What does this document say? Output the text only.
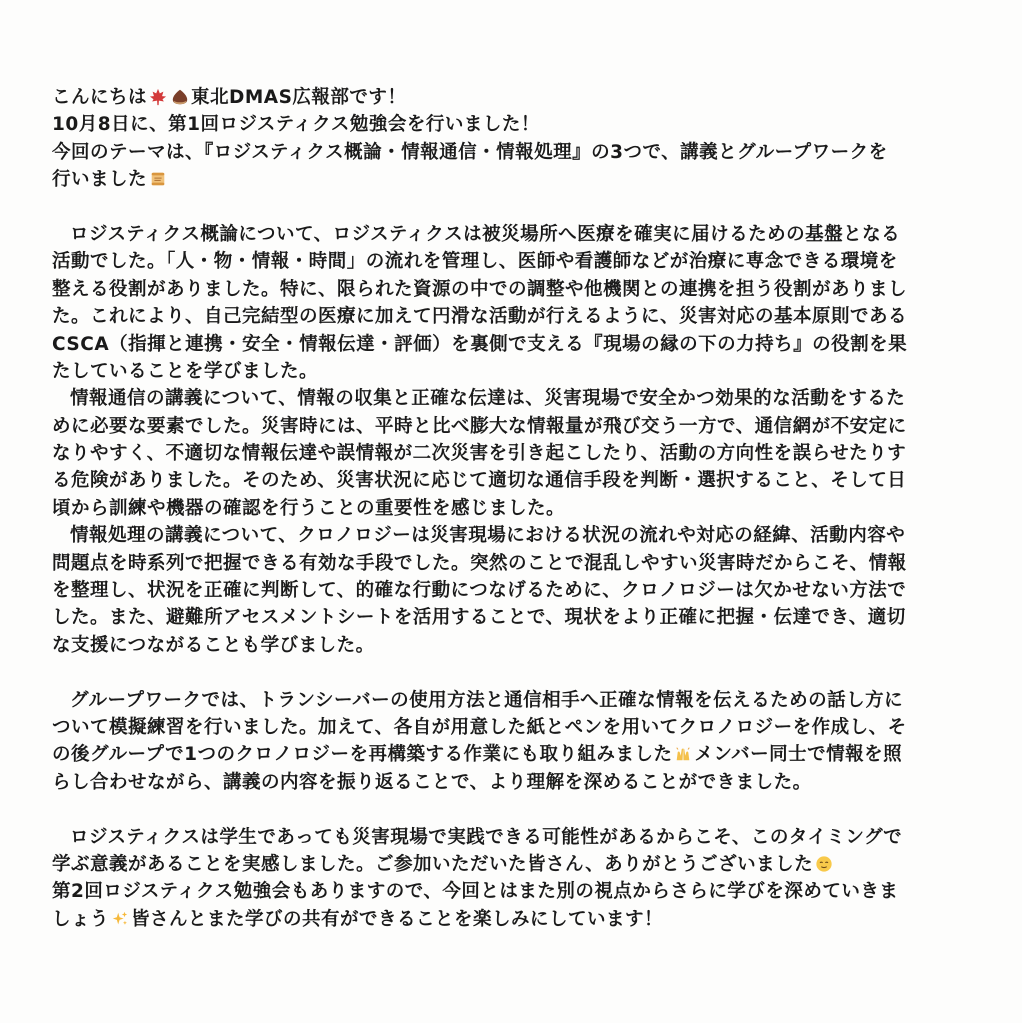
こんにちは 東北DMAS広報部です！
10月8日に、第1回ロジスティクス勉強会を行いました！
今回のテーマは、『ロジスティクス概論・情報通信・情報処理』の3つで、講義とグループワークを
行いました
ロジスティクス概論について、ロジスティクスは被災場所へ医療を確実に届けるための基盤となる
活動でした。「人・物・情報・時間」の流れを管理し、医師や看護師などが治療に専念できる環境を
整える役割がありました。特に、限られた資源の中での調整や他機関との連携を担う役割がありまし
た。これにより、自己完結型の医療に加えて円滑な活動が行えるように、災害対応の基本原則である
CSCA（指揮と連携・安全・情報伝達・評価）を裏側で支える『現場の縁の下の力持ち』の役割を果
たしていることを学びました。
情報通信の講義について、情報の収集と正確な伝達は、災害現場で安全かつ効果的な活動をするた
めに必要な要素でした。災害時には、平時と比べ膨大な情報量が飛び交う一方で、通信網が不安定に
なりやすく、不適切な情報伝達や誤情報が二次災害を引き起こしたり、活動の方向性を誤らせたりす
る危険がありました。そのため、災害状況に応じて適切な通信手段を判断・選択すること、そして日
頃から訓練や機器の確認を行うことの重要性を感じました。
情報処理の講義について、クロノロジーは災害現場における状況の流れや対応の経緯、活動内容や
問題点を時系列で把握できる有効な手段でした。突然のことで混乱しやすい災害時だからこそ、情報
を整理し、状況を正確に判断して、的確な行動につなげるために、クロノロジーは欠かせない方法で
した。また、避難所アセスメントシートを活用することで、現状をより正確に把握・伝達でき、適切
な支援につながることも学びました。
グループワークでは、トランシーバーの使用方法と通信相手へ正確な情報を伝えるための話し方に
ついて模擬練習を行いました。加えて、各自が用意した紙とペンを用いてクロノロジーを作成し、そ
の後グループで1つのクロノロジーを再構築する作業にも取り組みました メンバー同士で情報を照
らし合わせながら、講義の内容を振り返ることで、より理解を深めることができました。
ロジスティクスは学生であっても災害現場で実践できる可能性があるからこそ、このタイミングで
学ぶ意義があることを実感しました。ご参加いただいた皆さん、ありがとうございました
第2回ロジスティクス勉強会もありますので、今回とはまた別の視点からさらに学びを深めていきま
しょう 皆さんとまた学びの共有ができることを楽しみにしています！
